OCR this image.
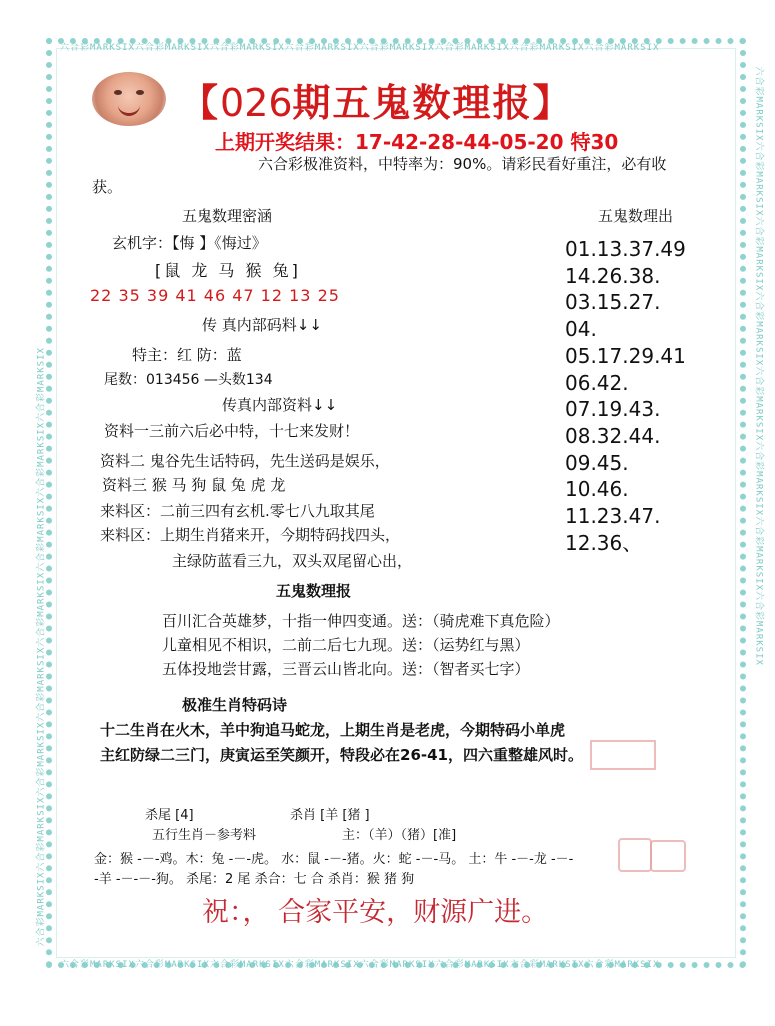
六合彩MARKSIX六合彩MARKSIX六合彩MARKSIX六合彩MARKSIX六合彩MARKSIX六合彩MARKSIX六合彩MARKSIX六合彩MARKSIX
六合彩MARKSIX六合彩MARKSIX六合彩MARKSIX六合彩MARKSIX六合彩MARKSIX六合彩MARKSIX六合彩MARKSIX六合彩MARKSIX
六合彩MARKSIX六合彩MARKSIX六合彩MARKSIX六合彩MARKSIX六合彩MARKSIX六合彩MARKSIX六合彩MARKSIX六合彩MARKSIX	六合彩MARKSIX六合彩MARKSIX六合彩MARKSIX六合彩MARKSIX六合彩MARKSIX六合彩MARKSIX六合彩MARKSIX六合彩MARKSIX
【026期五鬼数理报】
上期开奖结果：17-42-28-44-05-20 特30
六合彩极准资料，中特率为：90%。请彩民看好重注，必有收
获。
五鬼数理密涵	五鬼数理出
玄机字：【悔 】《悔过》
[鼠 龙 马 猴 兔]
22 35 39 41 46 47 12 13 25
传 真内部码料↓↓
特主：红 防：蓝
尾数：013456 —头数134
传真内部资料↓↓
资料一三前六后必中特，十七来发财！
资料二 鬼谷先生话特码，先生送码是娱乐，
资料三 猴 马 狗 鼠 兔 虎 龙
来料区：二前三四有玄机.零七八九取其尾
来料区：上期生肖猪来开，今期特码找四头，
主绿防蓝看三九，双头双尾留心出，
01.13.37.49
14.26.38.
03.15.27.
04.
05.17.29.41
06.42.
07.19.43.
08.32.44.
09.45.
10.46.
11.23.47.
12.36、
五鬼数理报
百川汇合英雄梦，十指一伸四变通。送：（骑虎难下真危险）
儿童相见不相识，二前二后七九现。送：（运势红与黑）
五体投地尝甘露，三晋云山皆北向。送：（智者买七字）
极准生肖特码诗
十二生肖在火木，羊中狗追马蛇龙，上期生肖是老虎，今期特码小单虎
主红防绿二三门，庚寅运至笑颜开，特段必在26-41，四六重整雄风时。
杀尾 [4]	杀肖 [羊 [猪 ]
五行生肖－参考料	主：（羊）（猪）[准]
金：猴 -－-鸡。木：兔 -－-虎。 水：鼠 -－-猪。火：蛇 -－-马。 土：牛 -－-龙 -－-
-羊 -－-－-狗。 杀尾：2 尾 杀合：七 合 杀肖：猴 猪 狗
祝：， 合家平安，财源广进。
